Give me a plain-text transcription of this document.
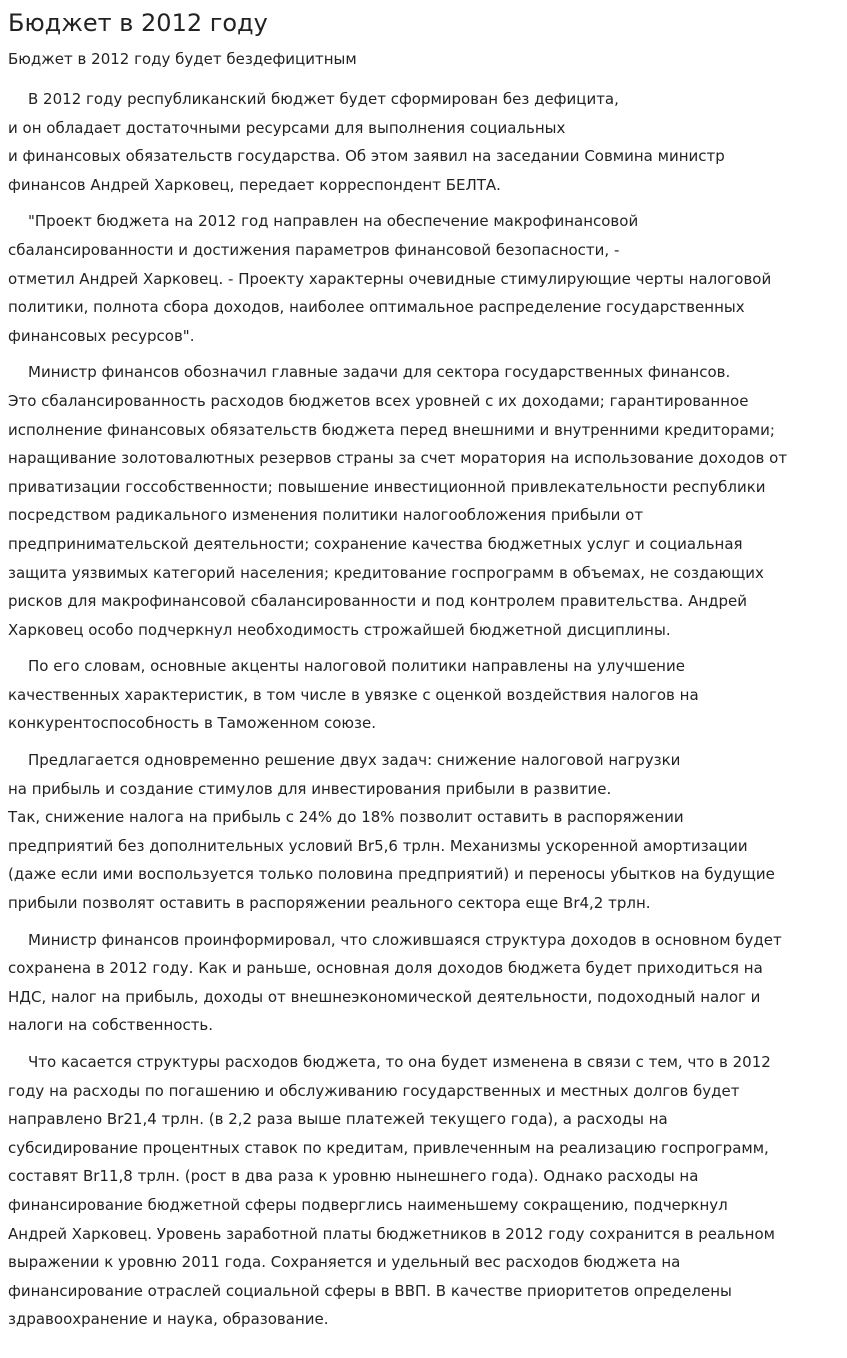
Бюджет в 2012 году
Бюджет в 2012 году будет бездефицитным

В 2012 году республиканский бюджет будет сформирован без дефицита,
и он обладает достаточными ресурсами для выполнения социальных
и финансовых обязательств государства. Об этом заявил на заседании Совмина министр
финансов Андрей Харковец, передает корреспондент БЕЛТА.

"Проект бюджета на 2012 год направлен на обеспечение макрофинансовой
сбалансированности и достижения параметров финансовой безопасности, -
отметил Андрей Харковец. - Проекту характерны очевидные стимулирующие черты налоговой
политики, полнота сбора доходов, наиболее оптимальное распределение государственных
финансовых ресурсов".

Министр финансов обозначил главные задачи для сектора государственных финансов.
Это сбалансированность расходов бюджетов всех уровней с их доходами; гарантированное
исполнение финансовых обязательств бюджета перед внешними и внутренними кредиторами;
наращивание золотовалютных резервов страны за счет моратория на использование доходов от
приватизации госсобственности; повышение инвестиционной привлекательности республики
посредством радикального изменения политики налогообложения прибыли от
предпринимательской деятельности; сохранение качества бюджетных услуг и социальная
защита уязвимых категорий населения; кредитование госпрограмм в объемах, не создающих
рисков для макрофинансовой сбалансированности и под контролем правительства. Андрей
Харковец особо подчеркнул необходимость строжайшей бюджетной дисциплины.

По его словам, основные акценты налоговой политики направлены на улучшение
качественных характеристик, в том числе в увязке с оценкой воздействия налогов на
конкурентоспособность в Таможенном союзе.

Предлагается одновременно решение двух задач: снижение налоговой нагрузки
на прибыль и создание стимулов для инвестирования прибыли в развитие.
Так, снижение налога на прибыль с 24% до 18% позволит оставить в распоряжении
предприятий без дополнительных условий Br5,6 трлн. Механизмы ускоренной амортизации
(даже если ими воспользуется только половина предприятий) и переносы убытков на будущие
прибыли позволят оставить в распоряжении реального сектора еще Br4,2 трлн.

Министр финансов проинформировал, что сложившаяся структура доходов в основном будет
сохранена в 2012 году. Как и раньше, основная доля доходов бюджета будет приходиться на
НДС, налог на прибыль, доходы от внешнеэкономической деятельности, подоходный налог и
налоги на собственность.

Что касается структуры расходов бюджета, то она будет изменена в связи с тем, что в 2012
году на расходы по погашению и обслуживанию государственных и местных долгов будет
направлено Br21,4 трлн. (в 2,2 раза выше платежей текущего года), а расходы на
субсидирование процентных ставок по кредитам, привлеченным на реализацию госпрограмм,
составят Br11,8 трлн. (рост в два раза к уровню нынешнего года). Однако расходы на
финансирование бюджетной сферы подверглись наименьшему сокращению, подчеркнул
Андрей Харковец. Уровень заработной платы бюджетников в 2012 году сохранится в реальном
выражении к уровню 2011 года. Сохраняется и удельный вес расходов бюджета на
финансирование отраслей социальной сферы в ВВП. В качестве приоритетов определены
здравоохранение и наука, образование.
